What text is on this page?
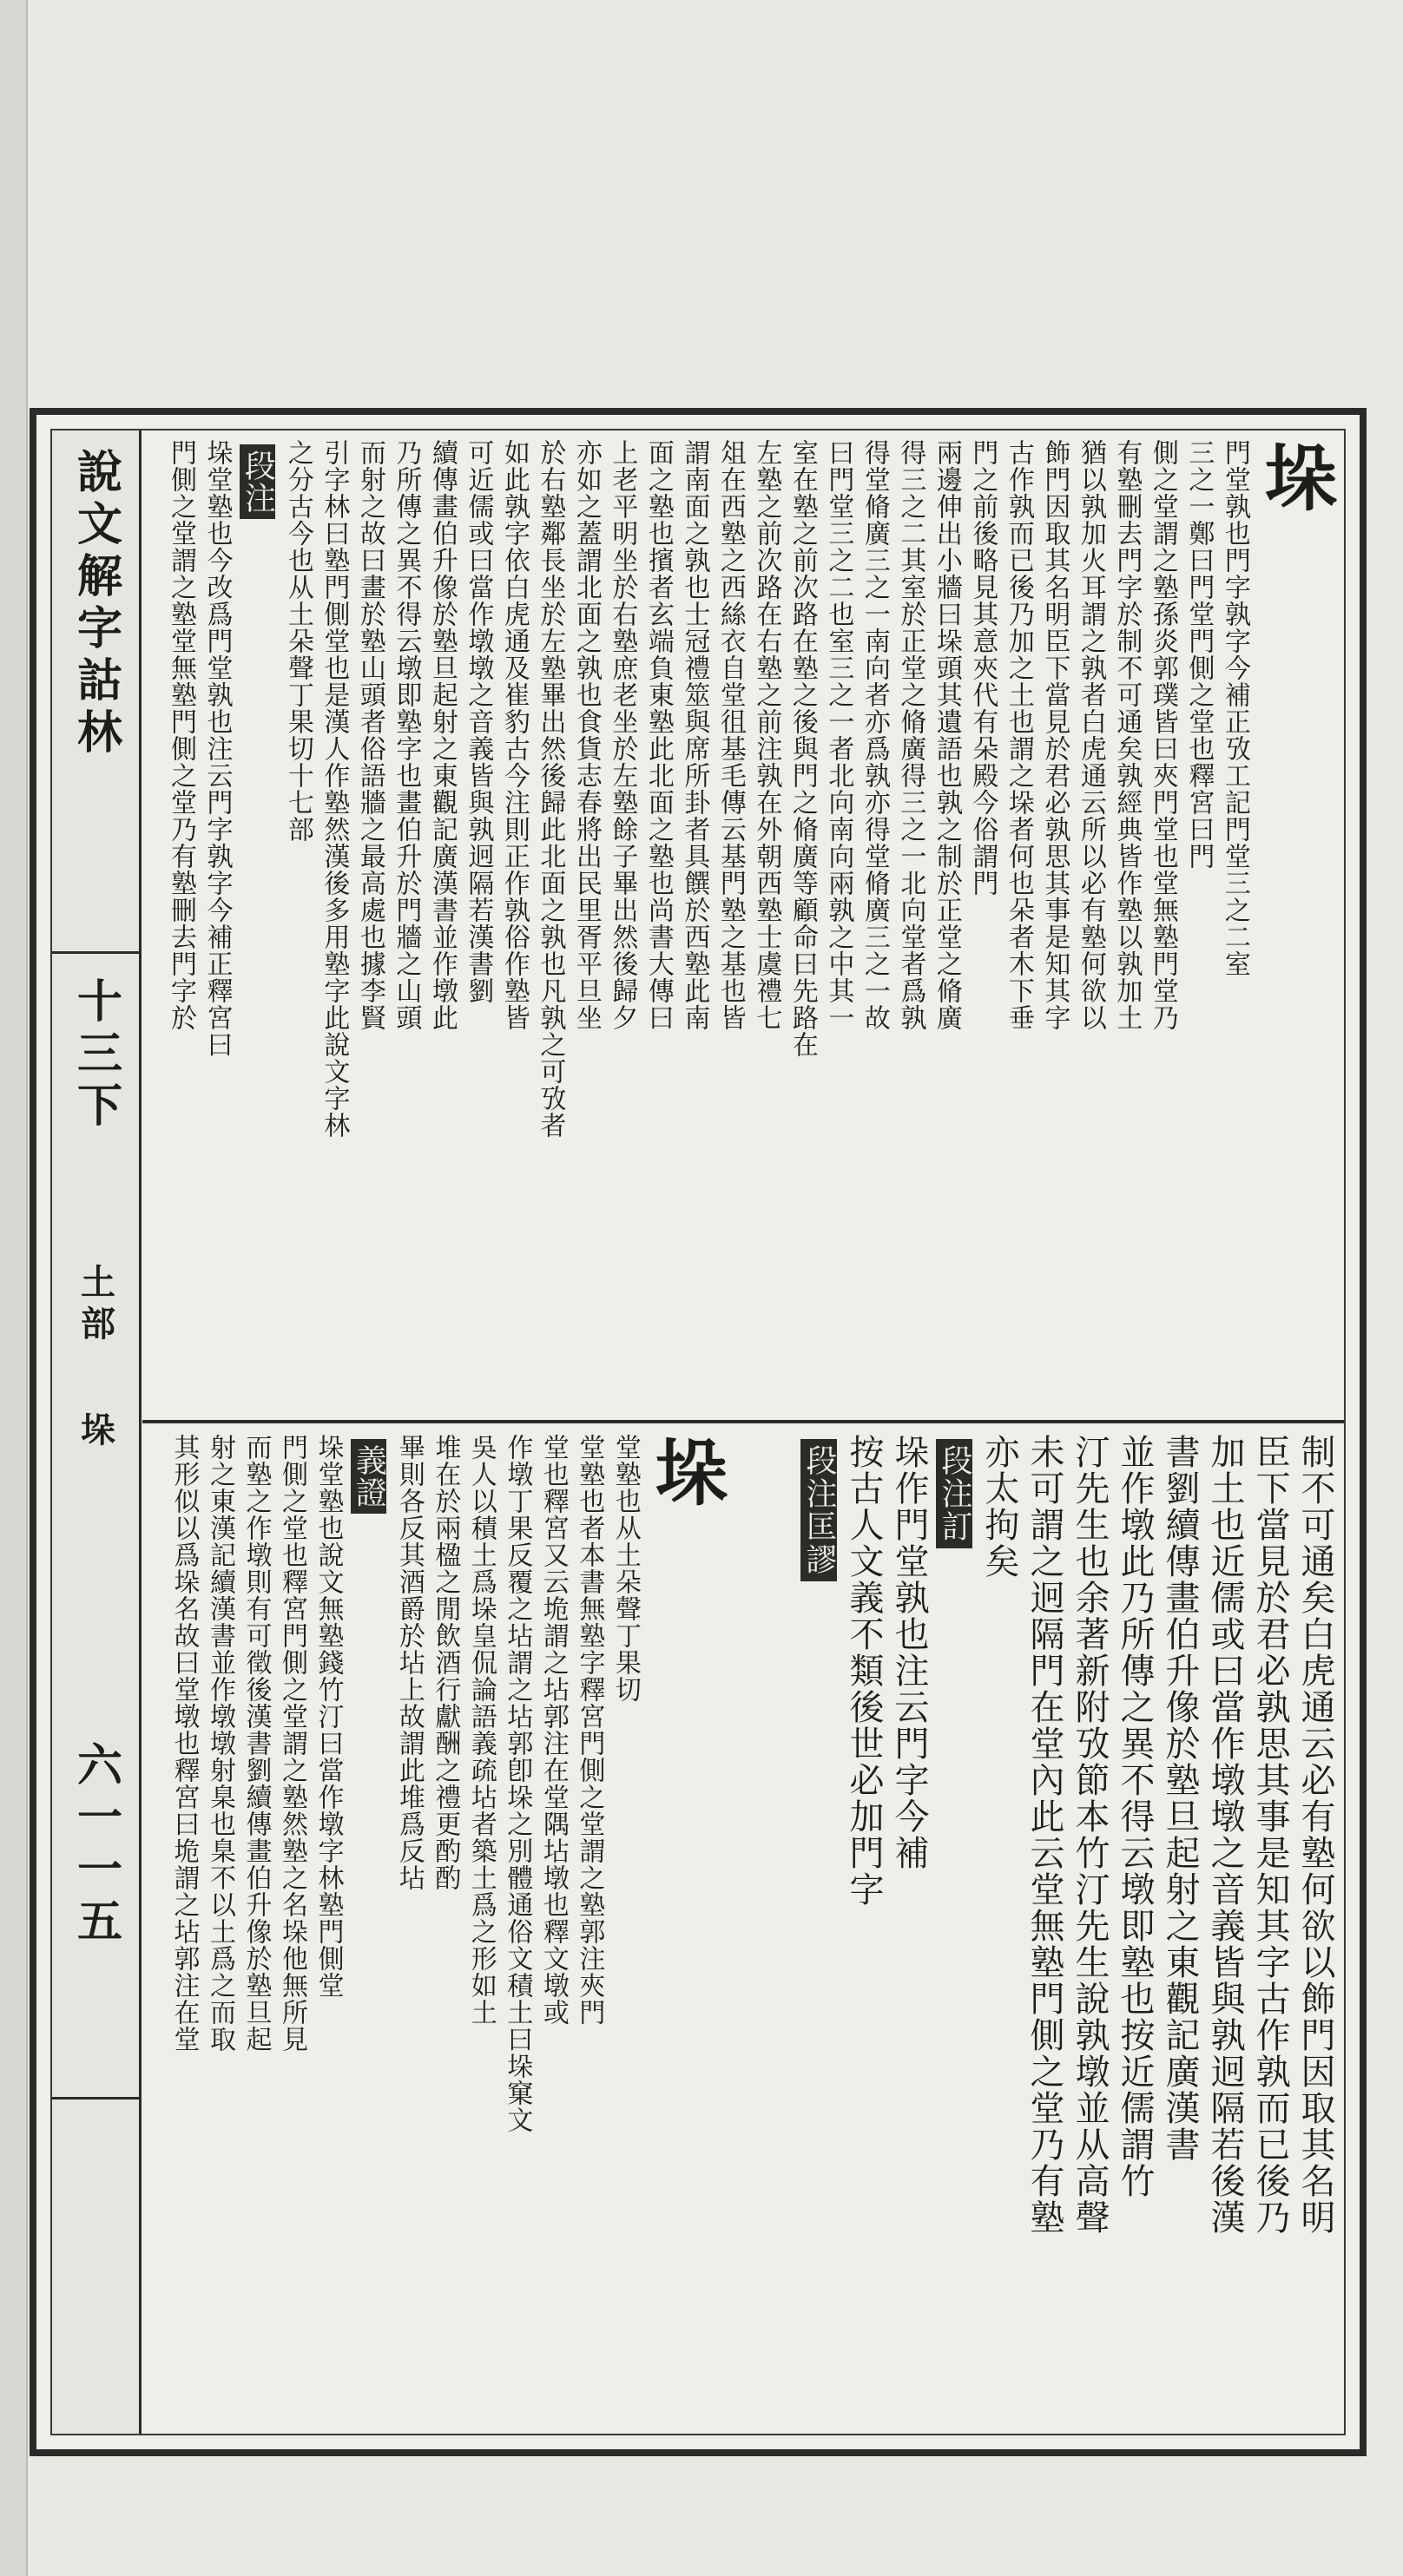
說文解字詁林
十三下
土部
垛
六一一五
垛
門堂孰也門字孰字今補正攷工記門堂三之二室
三之一鄭曰門堂門側之堂也釋宮曰門
側之堂謂之塾孫炎郭璞皆曰夾門堂也堂無塾門堂乃
有塾刪去門字於制不可通矣孰經典皆作塾以孰加土
猶以孰加火耳謂之孰者白虎通云所以必有塾何欲以
飾門因取其名明臣下當見於君必孰思其事是知其字
古作孰而已後乃加之土也謂之垛者何也朵者木下垂
門之前後略見其意夾代有朵殿今俗謂門
兩邊伸出小牆曰垛頭其遺語也孰之制於正堂之脩廣
得三之二其室於正堂之脩廣得三之一北向堂者爲孰
得堂脩廣三之一南向者亦爲孰亦得堂脩廣三之一故
曰門堂三之二也室三之一者北向南向兩孰之中其一
室在塾之前次路在塾之後與門之脩廣等顧命曰先路在
左塾之前次路在右塾之前注孰在外朝西塾士虞禮七
俎在西塾之西絲衣自堂徂基毛傳云基門塾之基也皆
謂南面之孰也士冠禮筮與席所卦者具饌於西塾此南
面之塾也擯者玄端負東塾此北面之塾也尚書大傳曰
上老平明坐於右塾庶老坐於左塾餘子畢出然後歸夕
亦如之蓋謂北面之孰也食貨志春將出民里胥平旦坐
於右塾鄰長坐於左塾畢出然後歸此北面之孰也凡孰之可攷者
如此孰字依白虎通及崔豹古今注則正作孰俗作塾皆
可近儒或曰當作墩墩之音義皆與孰迥隔若漢書劉
續傳畫伯升像於塾旦起射之東觀記廣漢書並作墩此
乃所傳之異不得云墩即塾字也畫伯升於門牆之山頭
而射之故曰畫於塾山頭者俗語牆之最高處也據李賢
引字林曰塾門側堂也是漢人作塾然漢後多用塾字此說文字林
之分古今也从土朵聲丁果切十七部
段注
垛堂塾也今改爲門堂孰也注云門字孰字今補正釋宮曰
門側之堂謂之塾堂無塾門側之堂乃有塾刪去門字於
制不可通矣白虎通云必有塾何欲以飾門因取其名明
臣下當見於君必孰思其事是知其字古作孰而已後乃
加土也近儒或曰當作墩墩之音義皆與孰迥隔若後漢
書劉續傳畫伯升像於塾旦起射之東觀記廣漢書
並作墩此乃所傳之異不得云墩即塾也按近儒謂竹
汀先生也余著新附攷節本竹汀先生說孰墩並从高聲
未可謂之迥隔門在堂內此云堂無塾門側之堂乃有塾
亦太拘矣
段注訂
垛作門堂孰也注云門字今補
按古人文義不類後世必加門字
段注匡謬
垛
堂塾也从土朵聲丁果切
堂塾也者本書無塾字釋宮門側之堂謂之塾郭注夾門
堂也釋宮又云垝謂之坫郭注在堂隅坫墩也釋文墩或
作墩丁果反覆之坫謂之坫郭卽垛之別體通俗文積土曰垛窠文
吳人以積土爲垛皇侃論語義疏坫者築土爲之形如土
堆在於兩楹之閒飲酒行獻酬之禮更酌酌
畢則各反其酒爵於坫上故謂此堆爲反坫
義證
垛堂塾也說文無塾錢竹汀曰當作墩字林塾門側堂
門側之堂也釋宮門側之堂謂之塾然塾之名垛他無所見
而塾之作墩則有可徵後漢書劉續傳畫伯升像於塾旦起
射之東漢記續漢書並作墩墩射臬也臬不以土爲之而取
其形似以爲垛名故曰堂墩也釋宮曰垝謂之坫郭注在堂
